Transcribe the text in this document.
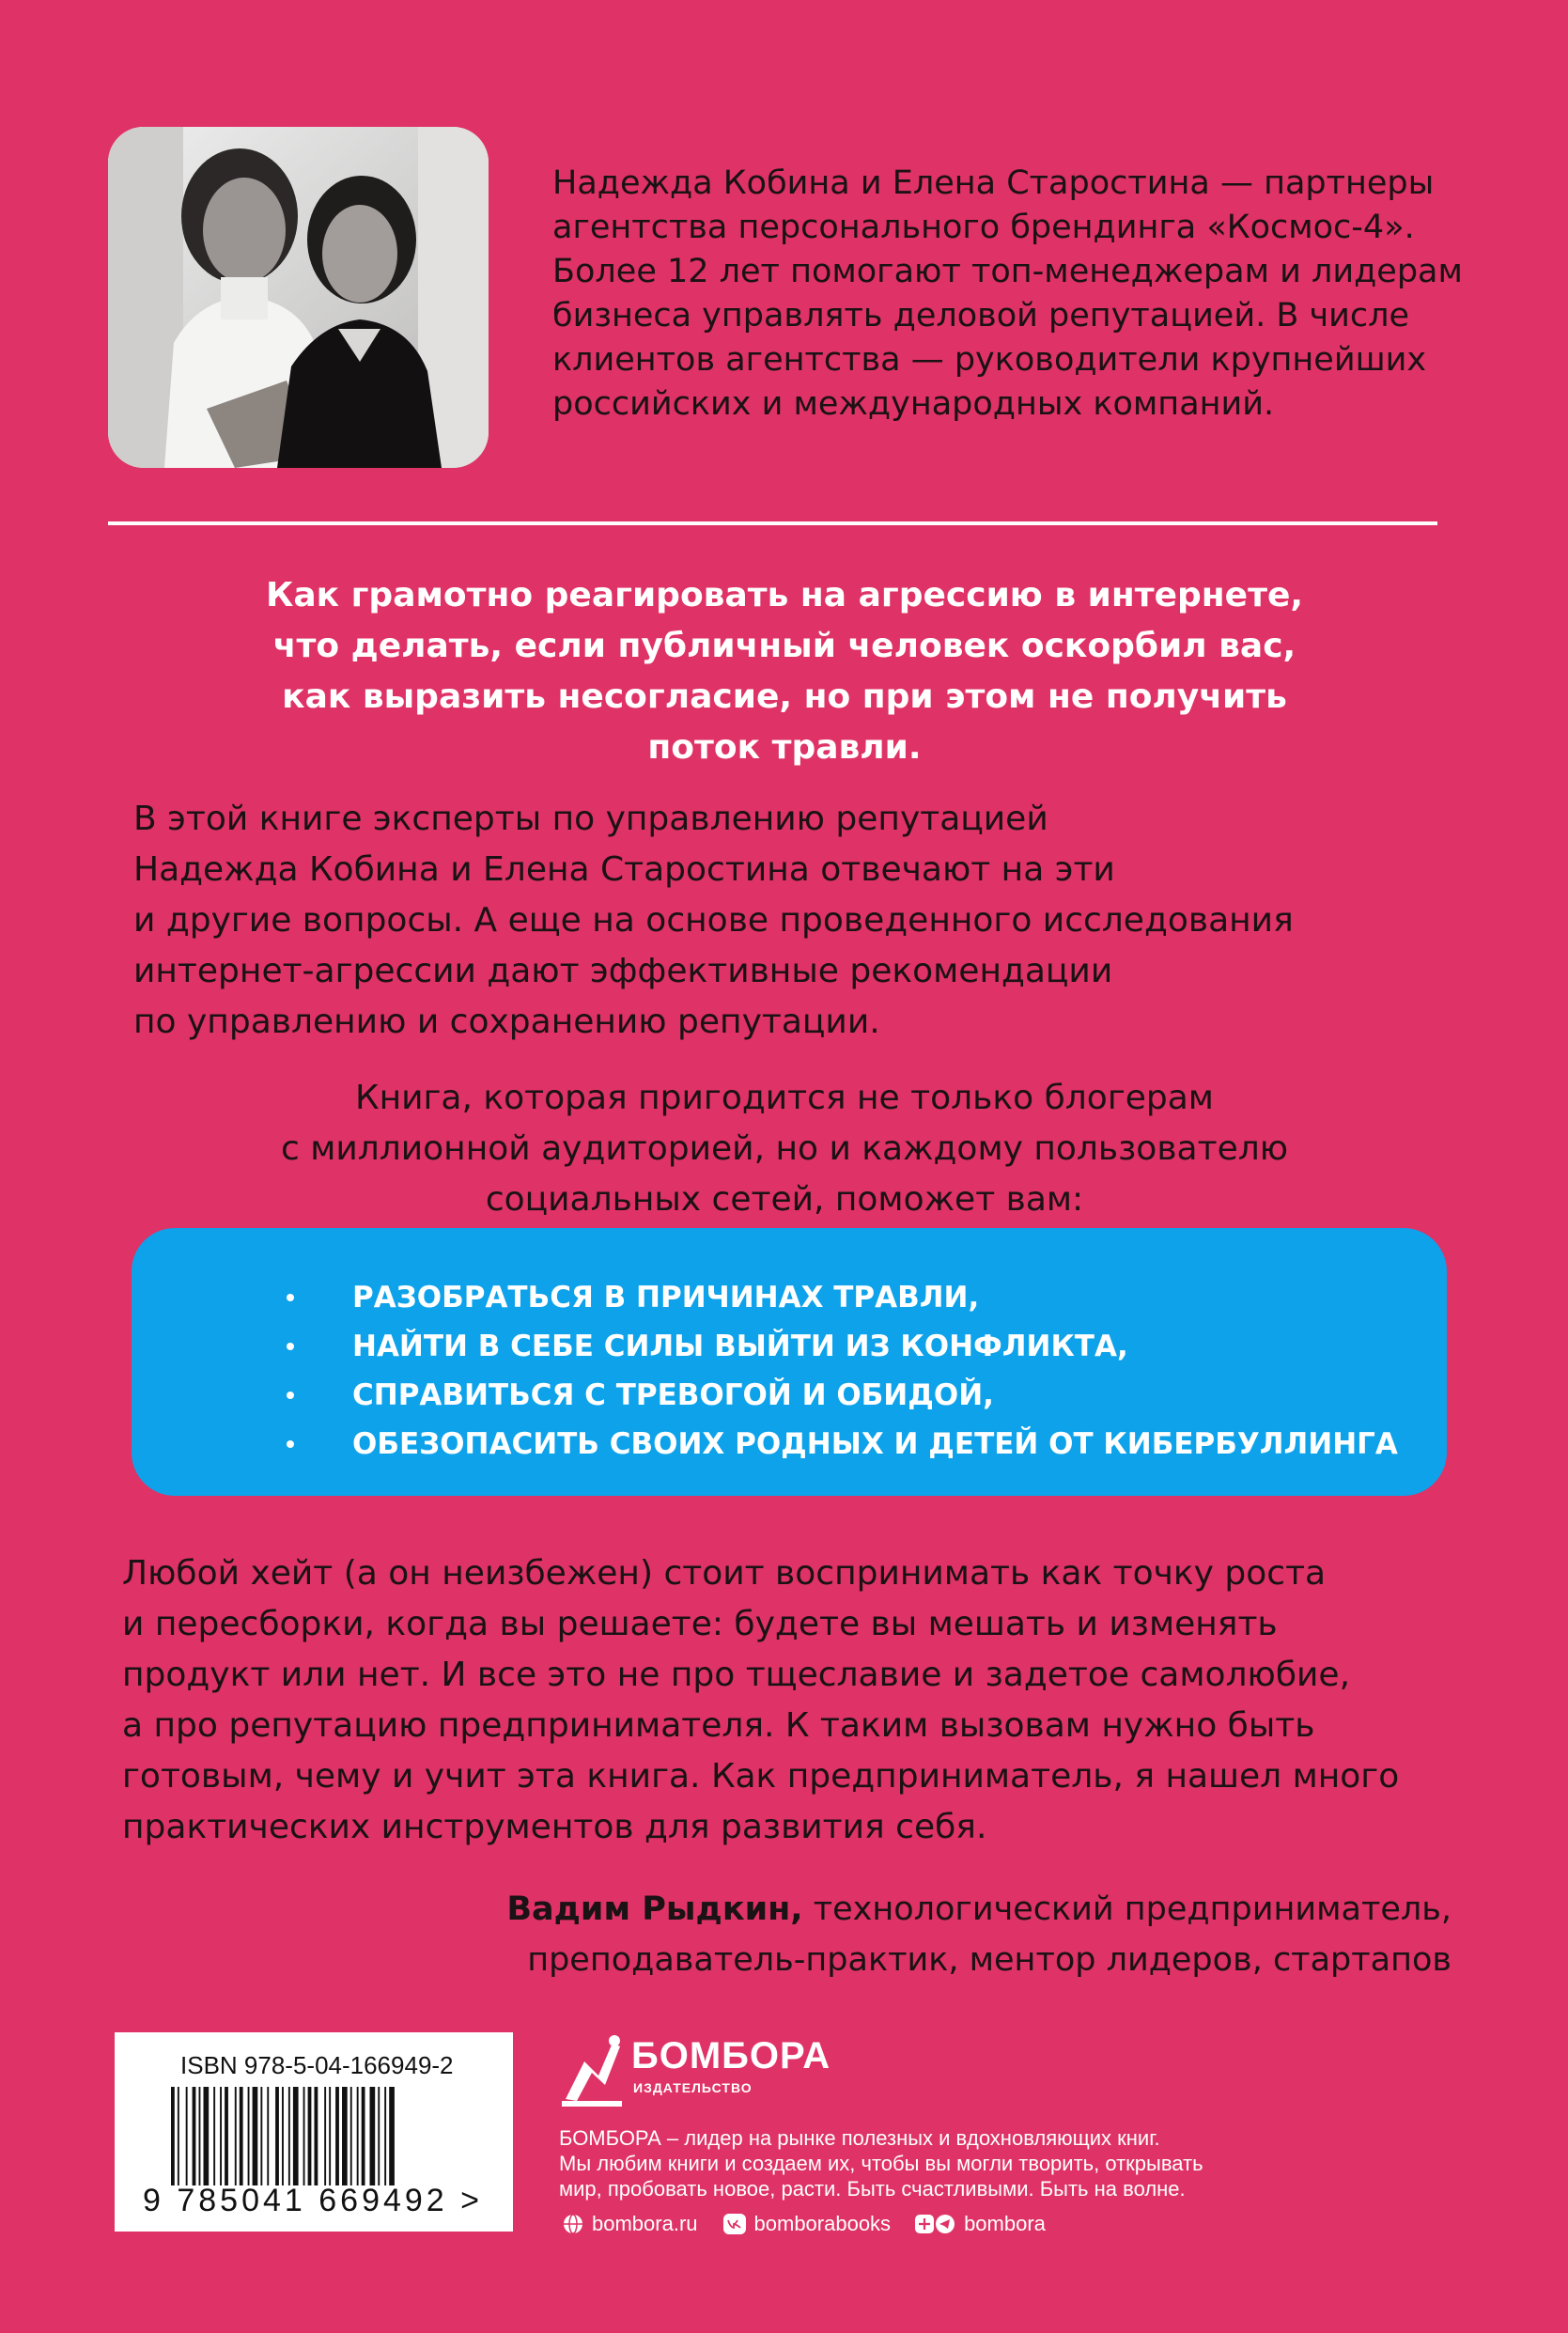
Надежда Кобина и Елена Старостина — партнеры
агентства персонального брендинга «Космос-4».
Более 12 лет помогают топ-менеджерам и лидерам
бизнеса управлять деловой репутацией. В числе
клиентов агентства — руководители крупнейших
российских и международных компаний.
Как грамотно реагировать на агрессию в интернете,
что делать, если публичный человек оскорбил вас,
как выразить несогласие, но при этом не получить
поток травли.
В этой книге эксперты по управлению репутацией
Надежда Кобина и Елена Старостина отвечают на эти
и другие вопросы. А еще на основе проведенного исследования
интернет-агрессии дают эффективные рекомендации
по управлению и сохранению репутации.
Книга, которая пригодится не только блогерам
с миллионной аудиторией, но и каждому пользователю
социальных сетей, поможет вам:
РАЗОБРАТЬСЯ В ПРИЧИНАХ ТРАВЛИ,
НАЙТИ В СЕБЕ СИЛЫ ВЫЙТИ ИЗ КОНФЛИКТА,
СПРАВИТЬСЯ С ТРЕВОГОЙ И ОБИДОЙ,
ОБЕЗОПАСИТЬ СВОИХ РОДНЫХ И ДЕТЕЙ ОТ КИБЕРБУЛЛИНГА
Любой хейт (а он неизбежен) стоит воспринимать как точку роста
и пересборки, когда вы решаете: будете вы мешать и изменять
продукт или нет. И все это не про тщеславие и задетое самолюбие,
а про репутацию предпринимателя. К таким вызовам нужно быть
готовым, чему и учит эта книга. Как предприниматель, я нашел много
практических инструментов для развития себя.
Вадим Рыдкин, технологический предприниматель,
преподаватель-практик, ментор лидеров, стартапов
ISBN 978-5-04-166949-2
9 785041 669492 >
БОМБОРА
ИЗДАТЕЛЬСТВО
БОМБОРА – лидер на рынке полезных и вдохновляющих книг.
Мы любим книги и создаем их, чтобы вы могли творить, открывать
мир, пробовать новое, расти. Быть счастливыми. Быть на волне.
bombora.ru	bomborabooks	bombora
